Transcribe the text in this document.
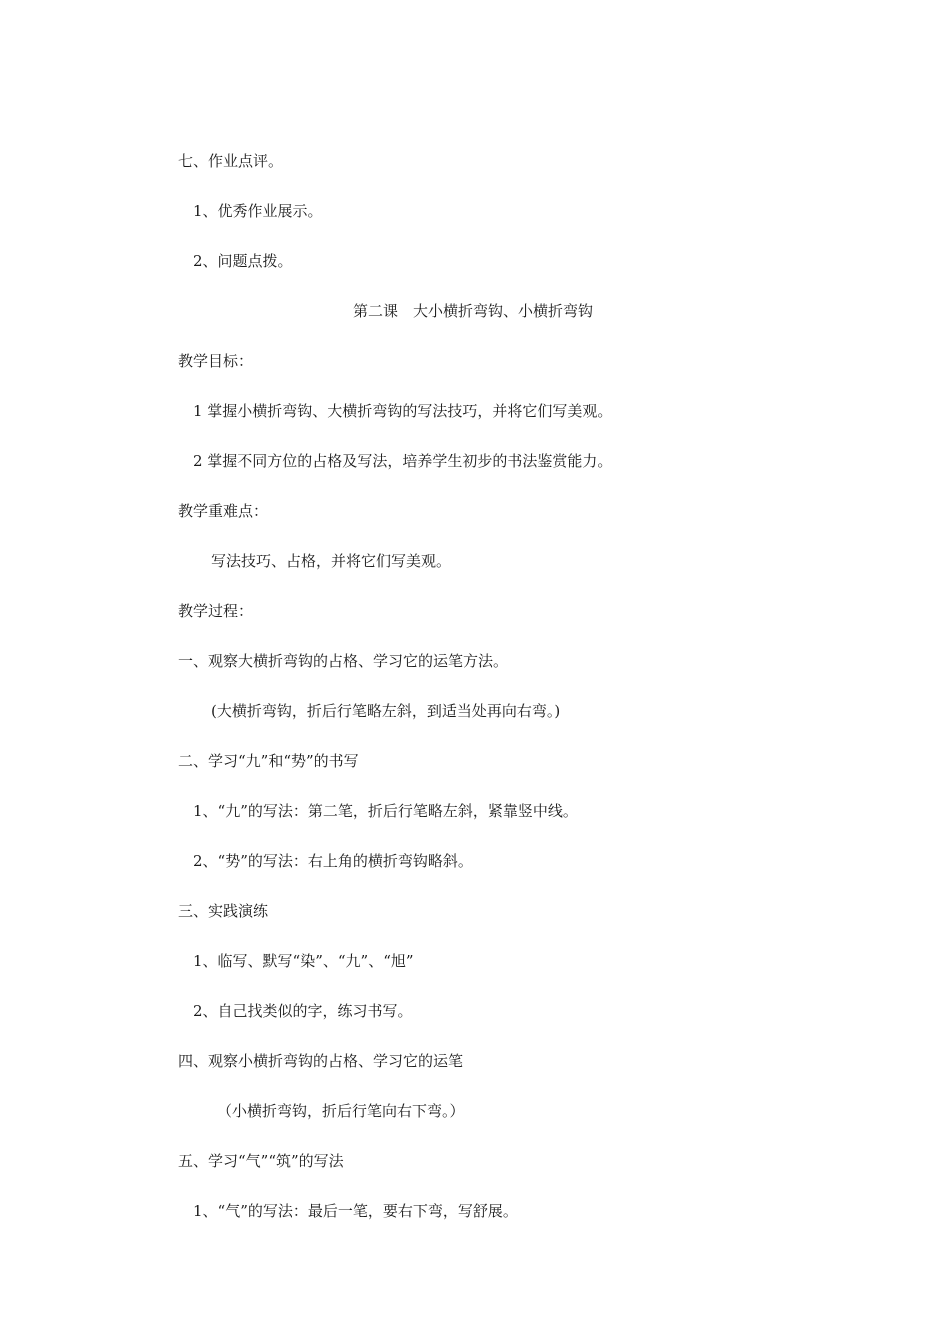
七、作业点评。
1、优秀作业展示。
2、问题点拨。
第二课　大小横折弯钩、小横折弯钩
教学目标：
1 掌握小横折弯钩、大横折弯钩的写法技巧，并将它们写美观。
2 掌握不同方位的占格及写法，培养学生初步的书法鉴赏能力。
教学重难点：
写法技巧、占格，并将它们写美观。
教学过程：
一、观察大横折弯钩的占格、学习它的运笔方法。
(大横折弯钩，折后行笔略左斜，到适当处再向右弯。)
二、学习“九”和“势”的书写
1、“九”的写法：第二笔，折后行笔略左斜，紧靠竖中线。
2、“势”的写法：右上角的横折弯钩略斜。
三、实践演练
1、临写、默写“染”、“九”、“旭”
2、自己找类似的字，练习书写。
四、观察小横折弯钩的占格、学习它的运笔
（小横折弯钩，折后行笔向右下弯。）
五、学习“气”“筑”的写法
1、“气”的写法：最后一笔，要右下弯，写舒展。
